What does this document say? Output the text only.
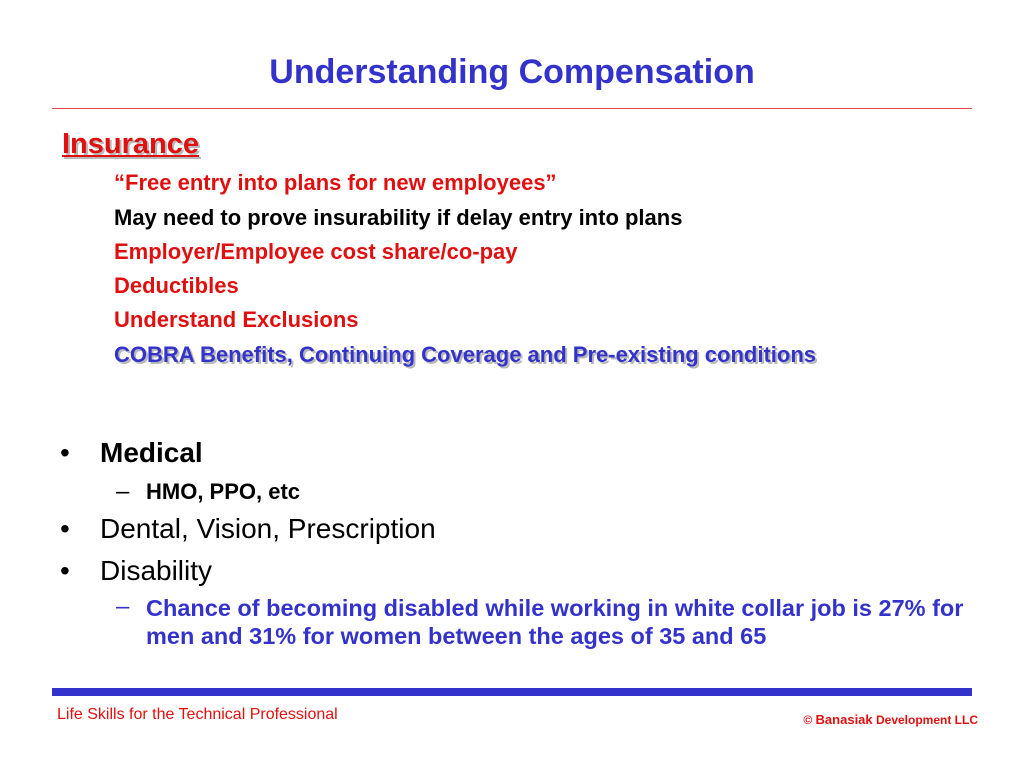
Understanding Compensation
Insurance
“Free entry into plans for new employees”
May need to prove insurability if delay entry into plans
Employer/Employee cost share/co-pay
Deductibles
Understand Exclusions
COBRA Benefits, Continuing Coverage and Pre-existing conditions
• Medical
– HMO, PPO, etc
• Dental, Vision, Prescription
• Disability
– Chance of becoming disabled while working in white collar job is 27% for men and 31% for women between the ages of 35 and 65
Life Skills for the Technical Professional	© Banasiak Development LLC
